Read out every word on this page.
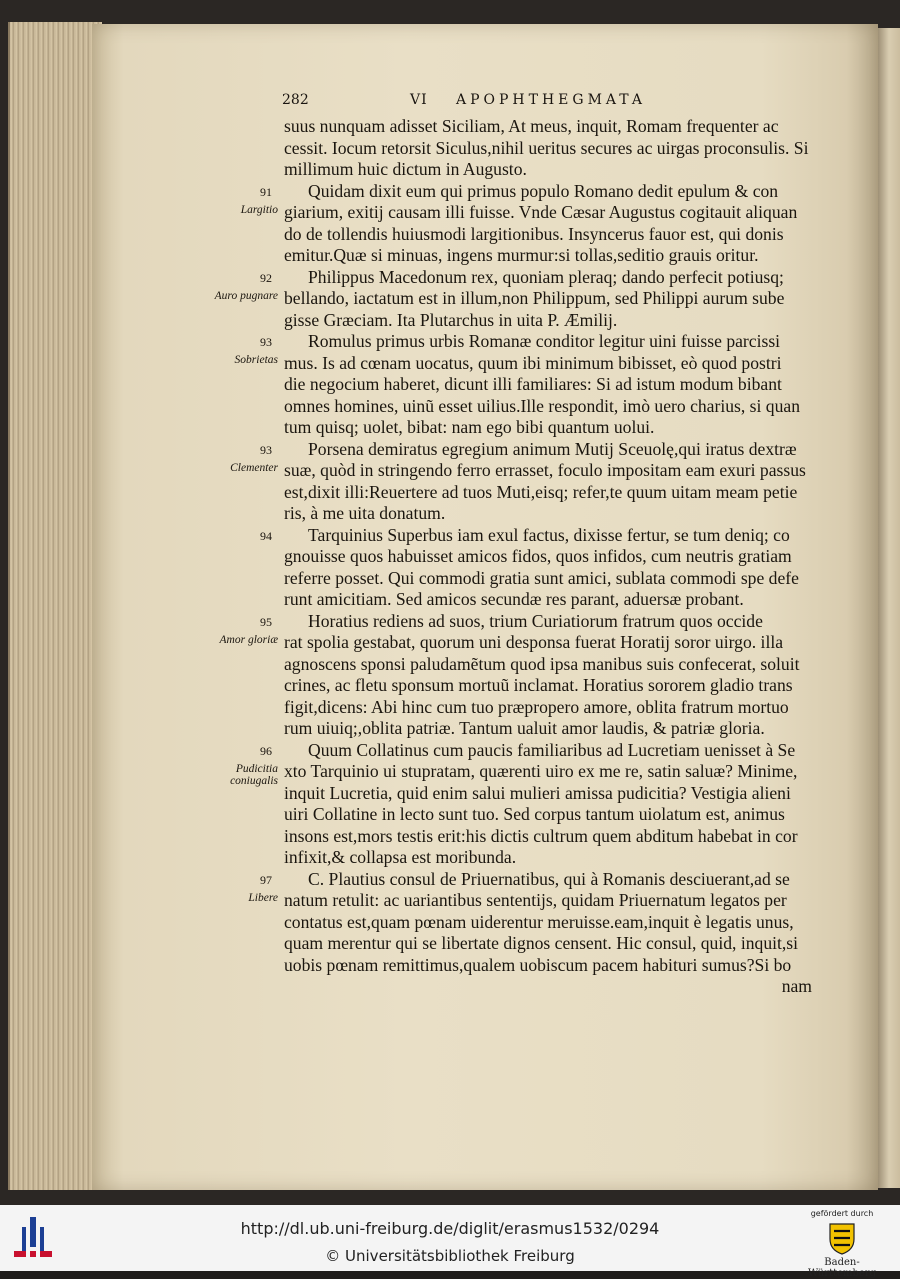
282	VI APOPHTHEGMATA
suus nunquam adisset Siciliam, At meus, inquit, Romam frequenter ac
cessit. Iocum retorsit Siculus,nihil ueritus secures ac uirgas proconsulis. Si
millimum huic dictum in Augusto.
91
Largitio
Quidam dixit eum qui primus populo Romano dedit epulum & con
giarium, exitij causam illi fuisse. Vnde Cæsar Augustus cogitauit aliquan
do de tollendis huiusmodi largitionibus. Insyncerus fauor est, qui donis
emitur.Quæ si minuas, ingens murmur:si tollas,seditio grauis oritur.
92
Auro pugnare
Philippus Macedonum rex, quoniam pleraq; dando perfecit potiusq;
bellando, iactatum est in illum,non Philippum, sed Philippi aurum sube
gisse Græciam. Ita Plutarchus in uita P. Æmilij.
93
Sobrietas
Romulus primus urbis Romanæ conditor legitur uini fuisse parcissi
mus. Is ad cœnam uocatus, quum ibi minimum bibisset, eò quod postri
die negocium haberet, dicunt illi familiares: Si ad istum modum bibant
omnes homines, uinũ esset uilius.Ille respondit, imò uero charius, si quan
tum quisq; uolet, bibat: nam ego bibi quantum uolui.
93
Clementer
Porsena demiratus egregium animum Mutij Sceuolę,qui iratus dextræ
suæ, quòd in stringendo ferro errasset, foculo impositam eam exuri passus
est,dixit illi:Reuertere ad tuos Muti,eisq; refer,te quum uitam meam petie
ris, à me uita donatum.
94	Tarquinius Superbus iam exul factus, dixisse fertur, se tum deniq; co
gnouisse quos habuisset amicos fidos, quos infidos, cum neutris gratiam
referre posset. Qui commodi gratia sunt amici, sublata commodi spe defe
runt amicitiam. Sed amicos secundæ res parant, aduersæ probant.
95
Amor gloriæ
Horatius rediens ad suos, trium Curiatiorum fratrum quos occide
rat spolia gestabat, quorum uni desponsa fuerat Horatij soror uirgo. illa
agnoscens sponsi paludamẽtum quod ipsa manibus suis confecerat, soluit
crines, ac fletu sponsum mortuũ inclamat. Horatius sororem gladio trans
figit,dicens: Abi hinc cum tuo præpropero amore, oblita fratrum mortuo
rum uiuiq;,oblita patriæ. Tantum ualuit amor laudis, & patriæ gloria.
96
Pudicitia coniugalis
Quum Collatinus cum paucis familiaribus ad Lucretiam uenisset à Se
xto Tarquinio ui stupratam, quærenti uiro ex me re, satin saluæ? Minime,
inquit Lucretia, quid enim salui mulieri amissa pudicitia? Vestigia alieni
uiri Collatine in lecto sunt tuo. Sed corpus tantum uiolatum est, animus
insons est,mors testis erit:his dictis cultrum quem abditum habebat in cor
infixit,& collapsa est moribunda.
97
Libere
C. Plautius consul de Priuernatibus, qui à Romanis desciuerant,ad se
natum retulit: ac uariantibus sententijs, quidam Priuernatum legatos per
contatus est,quam pœnam uiderentur meruisse.eam,inquit è legatis unus,
quam merentur qui se libertate dignos censent. Hic consul, quid, inquit,si
uobis pœnam remittimus,qualem uobiscum pacem habituri sumus?Si bo
nam
http://dl.ub.uni-freiburg.de/diglit/erasmus1532/0294
© Universitätsbibliothek Freiburg
gefördert durch
Baden-Württemberg
